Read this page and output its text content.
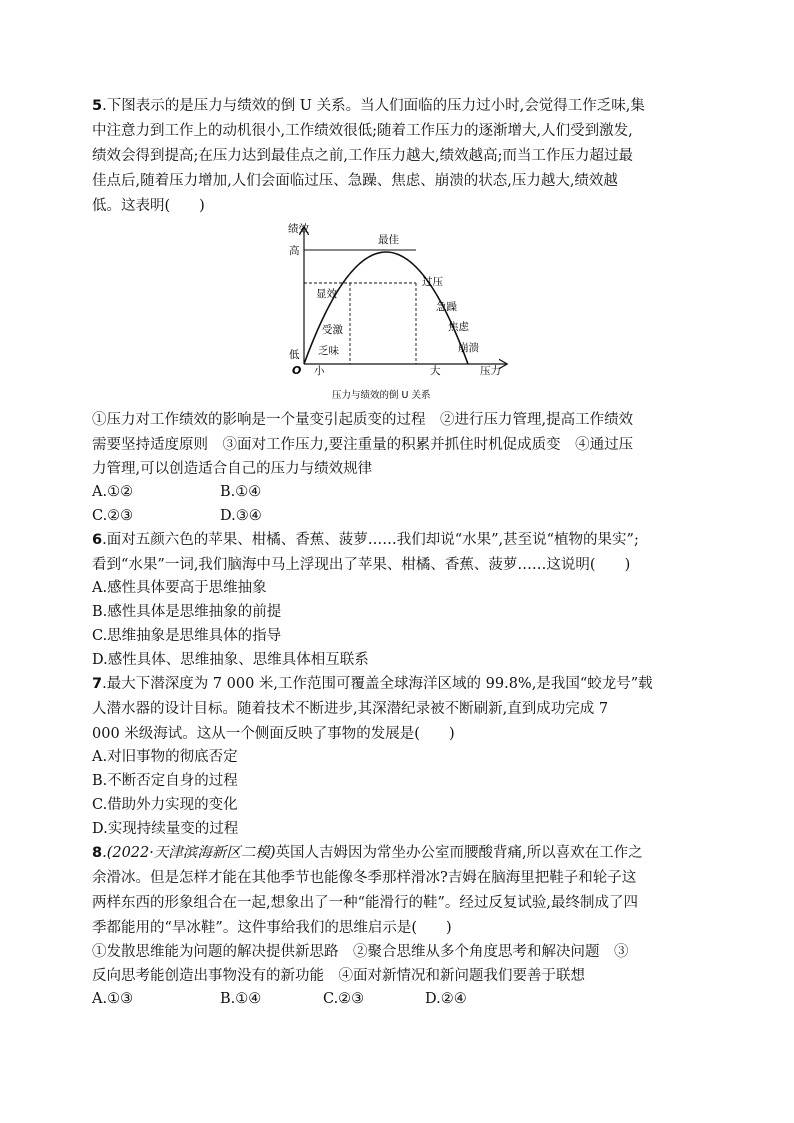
5.下图表示的是压力与绩效的倒 U 关系。当人们面临的压力过小时,会觉得工作乏味,集
中注意力到工作上的动机很小,工作绩效很低;随着工作压力的逐渐增大,人们受到激发,
绩效会得到提高;在压力达到最佳点之前,工作压力越大,绩效越高;而当工作压力超过最
佳点后,随着压力增加,人们会面临过压、急躁、焦虑、崩溃的状态,压力越大,绩效越
低。这表明(　　)
绩效
高
低
O 小	大	压力
最佳
显效
受激
乏味
过压
急躁
焦虑
崩溃
压力与绩效的倒 U 关系
①压力对工作绩效的影响是一个量变引起质变的过程　②进行压力管理,提高工作绩效
需要坚持适度原则　③面对工作压力,要注重量的积累并抓住时机促成质变　④通过压
力管理,可以创造适合自己的压力与绩效规律
A.①②	B.①④
C.②③	D.③④
6.面对五颜六色的苹果、柑橘、香蕉、菠萝……我们却说“水果”,甚至说“植物的果实”;
看到“水果”一词,我们脑海中马上浮现出了苹果、柑橘、香蕉、菠萝……这说明(　　)
A.感性具体要高于思维抽象
B.感性具体是思维抽象的前提
C.思维抽象是思维具体的指导
D.感性具体、思维抽象、思维具体相互联系
7.最大下潜深度为 7 000 米,工作范围可覆盖全球海洋区域的 99.8%,是我国“蛟龙号”载
人潜水器的设计目标。随着技术不断进步,其深潜纪录被不断刷新,直到成功完成 7
000 米级海试。这从一个侧面反映了事物的发展是(　　)
A.对旧事物的彻底否定
B.不断否定自身的过程
C.借助外力实现的变化
D.实现持续量变的过程
8.(2022·天津滨海新区二模)英国人吉姆因为常坐办公室而腰酸背痛,所以喜欢在工作之
余滑冰。但是怎样才能在其他季节也能像冬季那样滑冰?吉姆在脑海里把鞋子和轮子这
两样东西的形象组合在一起,想象出了一种“能滑行的鞋”。经过反复试验,最终制成了四
季都能用的“旱冰鞋”。这件事给我们的思维启示是(　　)
①发散思维能为问题的解决提供新思路　②聚合思维从多个角度思考和解决问题　③
反向思考能创造出事物没有的新功能　④面对新情况和新问题我们要善于联想
A.①③	B.①④	C.②③	D.②④
